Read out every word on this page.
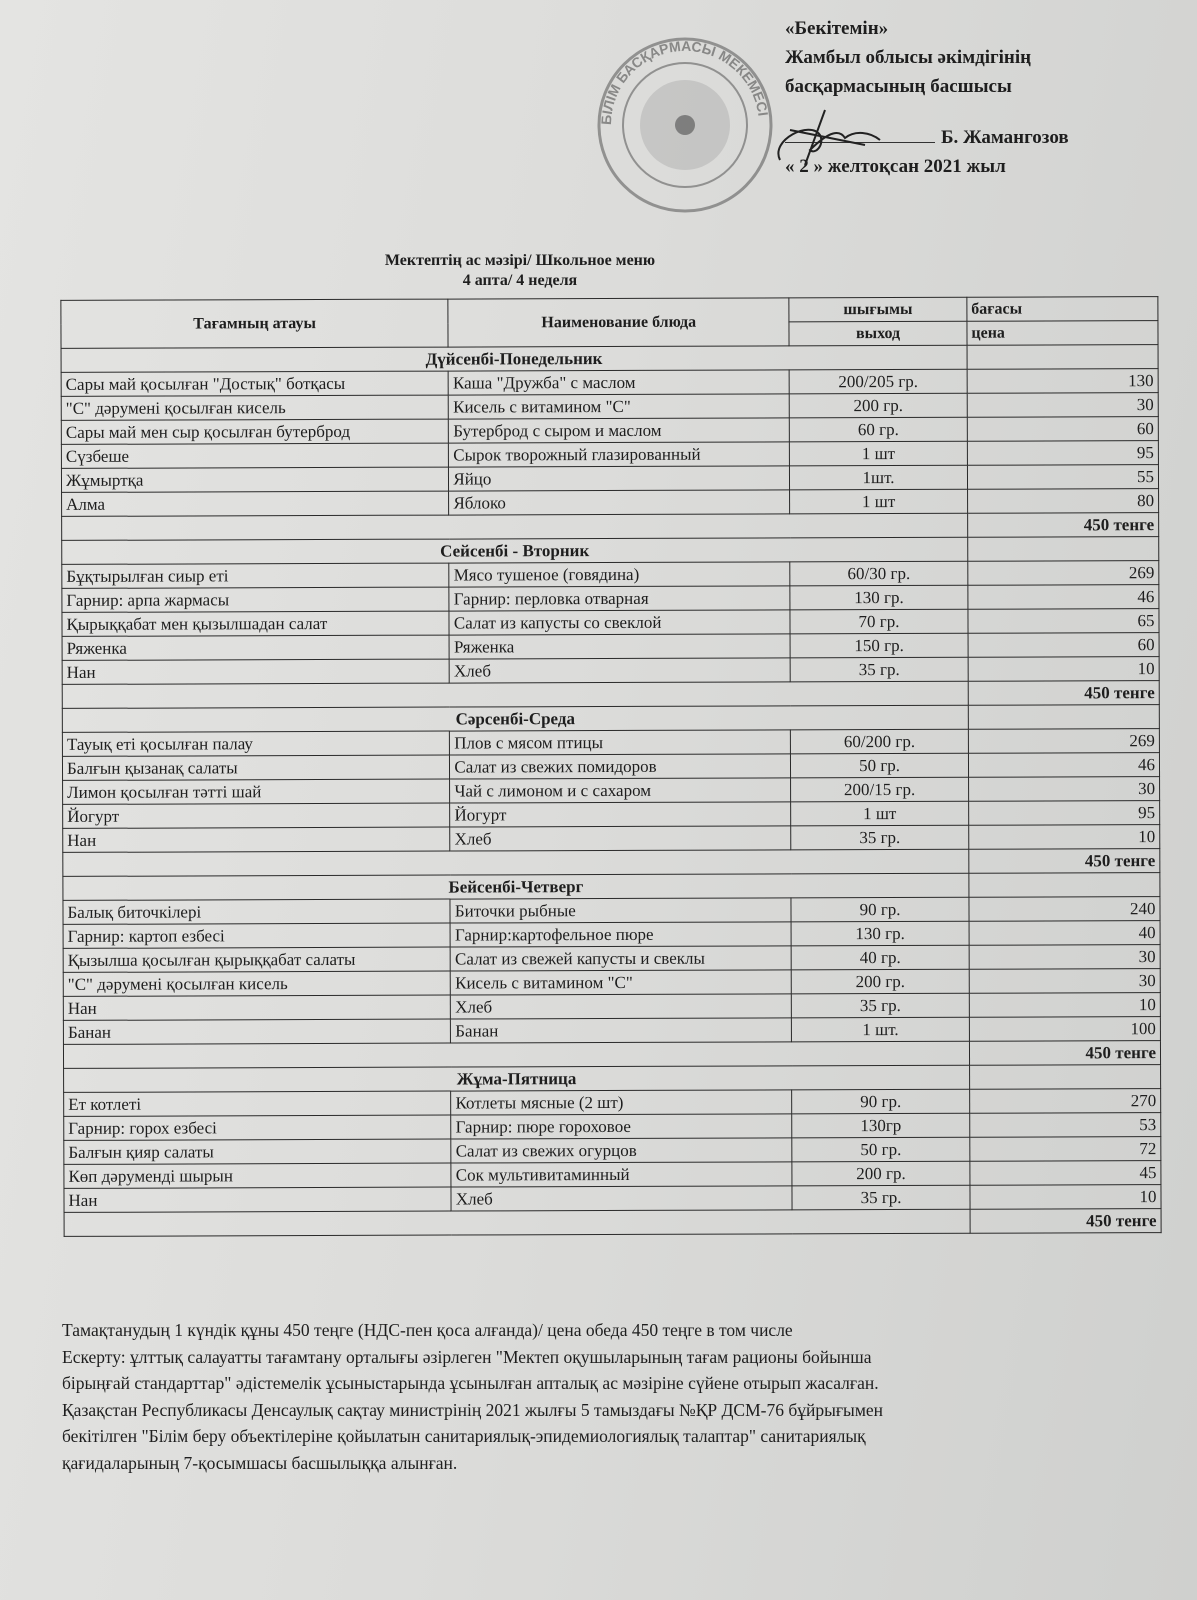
БІЛІМ БАСҚАРМАСЫ МЕКЕМЕСІ
«Бекітемін»
Жамбыл облысы әкімдігінің
басқармасының басшысы
Б. Жамангозов
« 2 » желтоқсан 2021 жыл
Мектептің ас мәзірі/ Школьное меню
4 апта/ 4 неделя
Тағамның атауы	Наименование блюда	шығымы	бағасы
		выход	цена
Дүйсенбі-Понедельник			
Сары май қосылған "Достық" ботқасы	Каша "Дружба" с маслом	200/205 гр.	130
"С" дәрумені қосылған кисель	Кисель с витамином "С"	200 гр.	30
Сары май мен сыр қосылған бутерброд	Бутерброд с сыром и маслом	60 гр.	60
Сүзбеше	Сырок творожный глазированный	1 шт	95
Жұмыртқа	Яйцо	1шт.	55
Алма	Яблоко	1 шт	80
			450 тенге
Сейсенбі - Вторник			
Бұқтырылған сиыр еті	Мясо тушеное (говядина)	60/30 гр.	269
Гарнир: арпа жармасы	Гарнир: перловка отварная	130 гр.	46
Қырыққабат мен қызылшадан салат	Салат из капусты со свеклой	70 гр.	65
Ряженка	Ряженка	150 гр.	60
Нан	Хлеб	35 гр.	10
			450 тенге
Сәрсенбі-Среда			
Тауық еті қосылған палау	Плов с мясом птицы	60/200 гр.	269
Балғын қызанақ салаты	Салат из свежих помидоров	50 гр.	46
Лимон қосылған тәтті шай	Чай с лимоном и с сахаром	200/15 гр.	30
Йогурт	Йогурт	1 шт	95
Нан	Хлеб	35 гр.	10
			450 тенге
Бейсенбі-Четверг			
Балық биточкілері	Биточки рыбные	90 гр.	240
Гарнир: картоп езбесі	Гарнир:картофельное пюре	130 гр.	40
Қызылша қосылған қырыққабат салаты	Салат из свежей капусты и свеклы	40 гр.	30
"С" дәрумені қосылған кисель	Кисель с витамином "С"	200 гр.	30
Нан	Хлеб	35 гр.	10
Банан	Банан	1 шт.	100
			450 тенге
Жұма-Пятница			
Ет котлеті	Котлеты мясные (2 шт)	90 гр.	270
Гарнир: горох езбесі	Гарнир: пюре гороховое	130гр	53
Балғын қияр салаты	Салат из свежих огурцов	50 гр.	72
Көп дәрумендi шырын	Сок мультивитаминный	200 гр.	45
Нан	Хлеб	35 гр.	10
			450 тенге
Тамақтанудың 1 күндік құны 450 теңге (НДС-пен қоса алғанда)/ цена обеда 450 теңге в том числе
Ескерту: ұлттық салауатты тағамтану орталығы әзірлеген "Мектеп оқушыларының тағам рационы бойынша
бірыңғай стандарттар" әдістемелік ұсыныстарында ұсынылған апталық ас мәзіріне сүйене отырып жасалған.
Қазақстан Республикасы Денсаулық сақтау министрінің 2021 жылғы 5 тамыздағы №ҚР ДСМ-76 бұйрығымен
бекітілген "Білім беру объектілеріне қойылатын санитариялық-эпидемиологиялық талаптар" санитариялық
қағидаларының 7-қосымшасы басшылыққа алынған.
